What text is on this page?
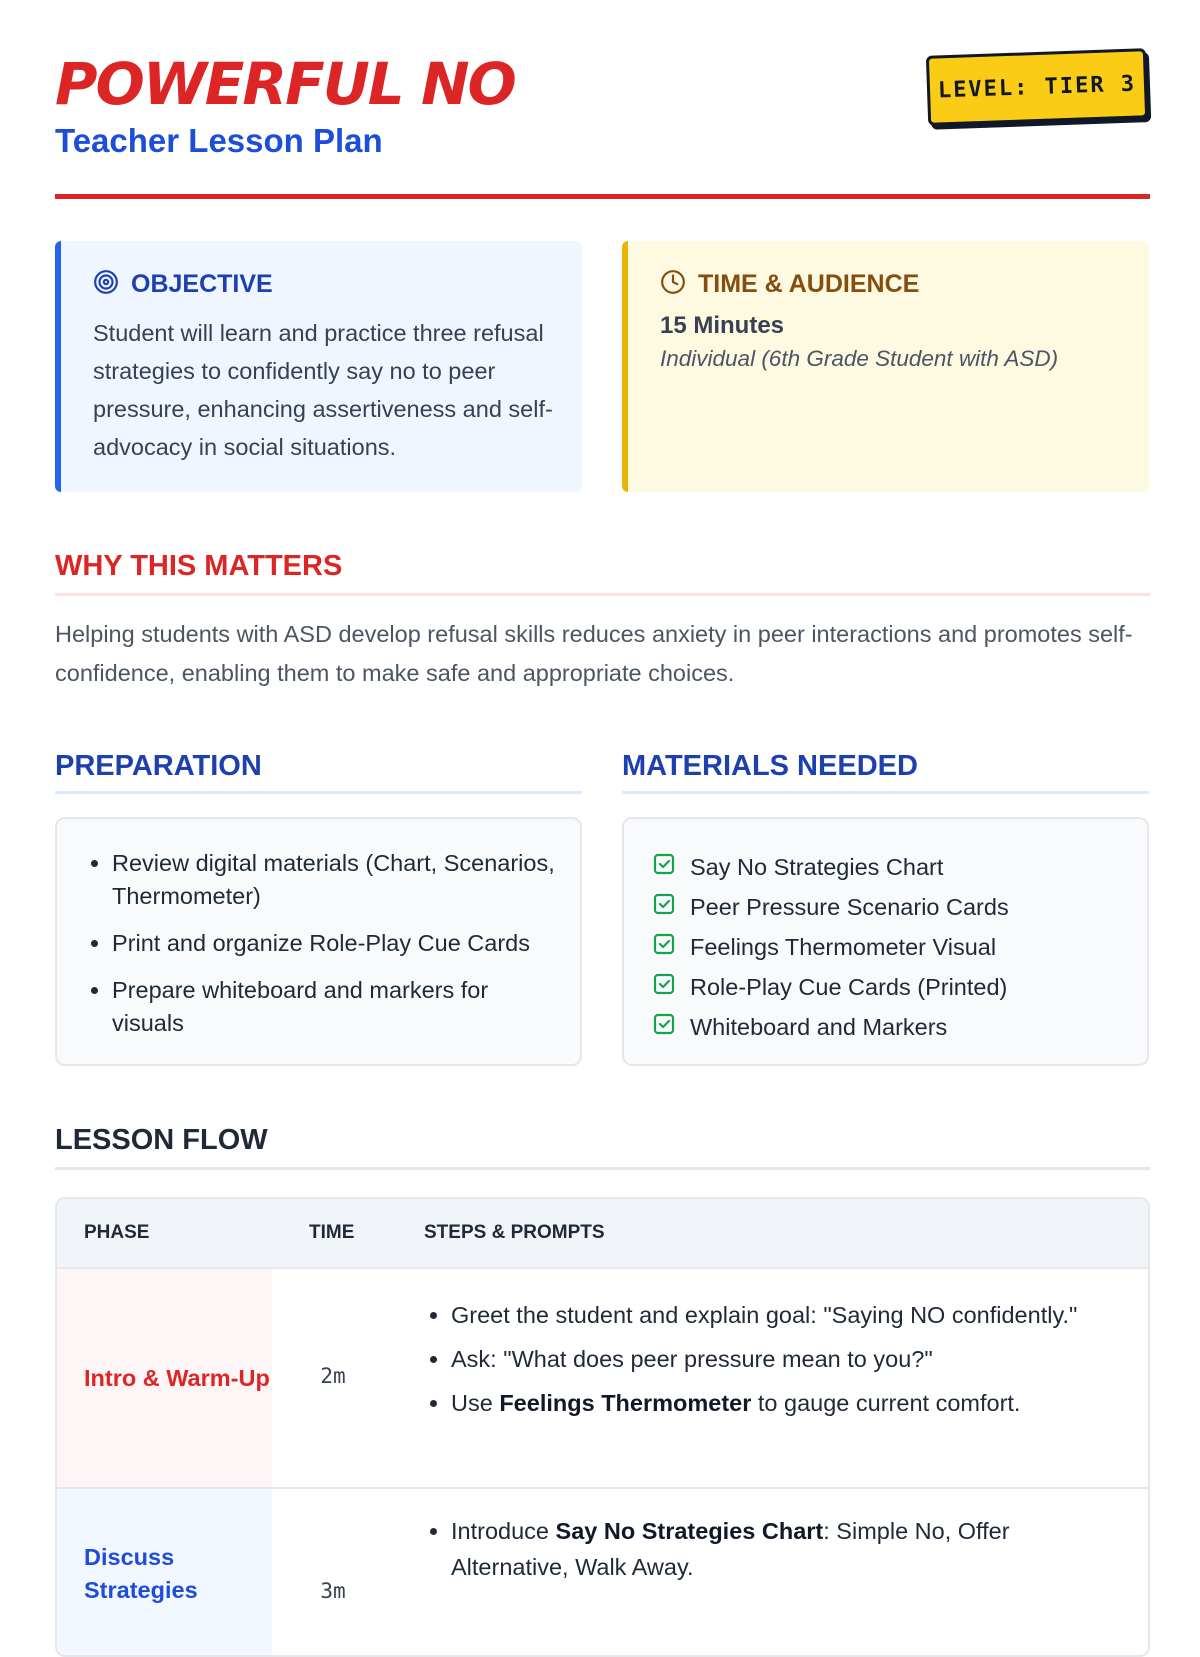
POWERFUL NO
Teacher Lesson Plan
LEVEL: TIER 3
OBJECTIVE
Student will learn and practice three refusal strategies to confidently say no to peer pressure, enhancing assertiveness and self-advocacy in social situations.
TIME & AUDIENCE
15 Minutes
Individual (6th Grade Student with ASD)
WHY THIS MATTERS

Helping students with ASD develop refusal skills reduces anxiety in peer interactions and promotes self-confidence, enabling them to make safe and appropriate choices.

PREPARATION
• Review digital materials (Chart, Scenarios, Thermometer)
• Print and organize Role-Play Cue Cards
• Prepare whiteboard and markers for visuals
MATERIALS NEEDED
Say No Strategies Chart
Peer Pressure Scenario Cards
Feelings Thermometer Visual
Role-Play Cue Cards (Printed)
Whiteboard and Markers
LESSON FLOW
PHASE	TIME	STEPS & PROMPTS
Intro & Warm-Up	2m
• Greet the student and explain goal: "Saying NO confidently."
• Ask: "What does peer pressure mean to you?"
• Use Feelings Thermometer to gauge current comfort.
Discuss Strategies	3m
• Introduce Say No Strategies Chart: Simple No, Offer Alternative, Walk Away.
